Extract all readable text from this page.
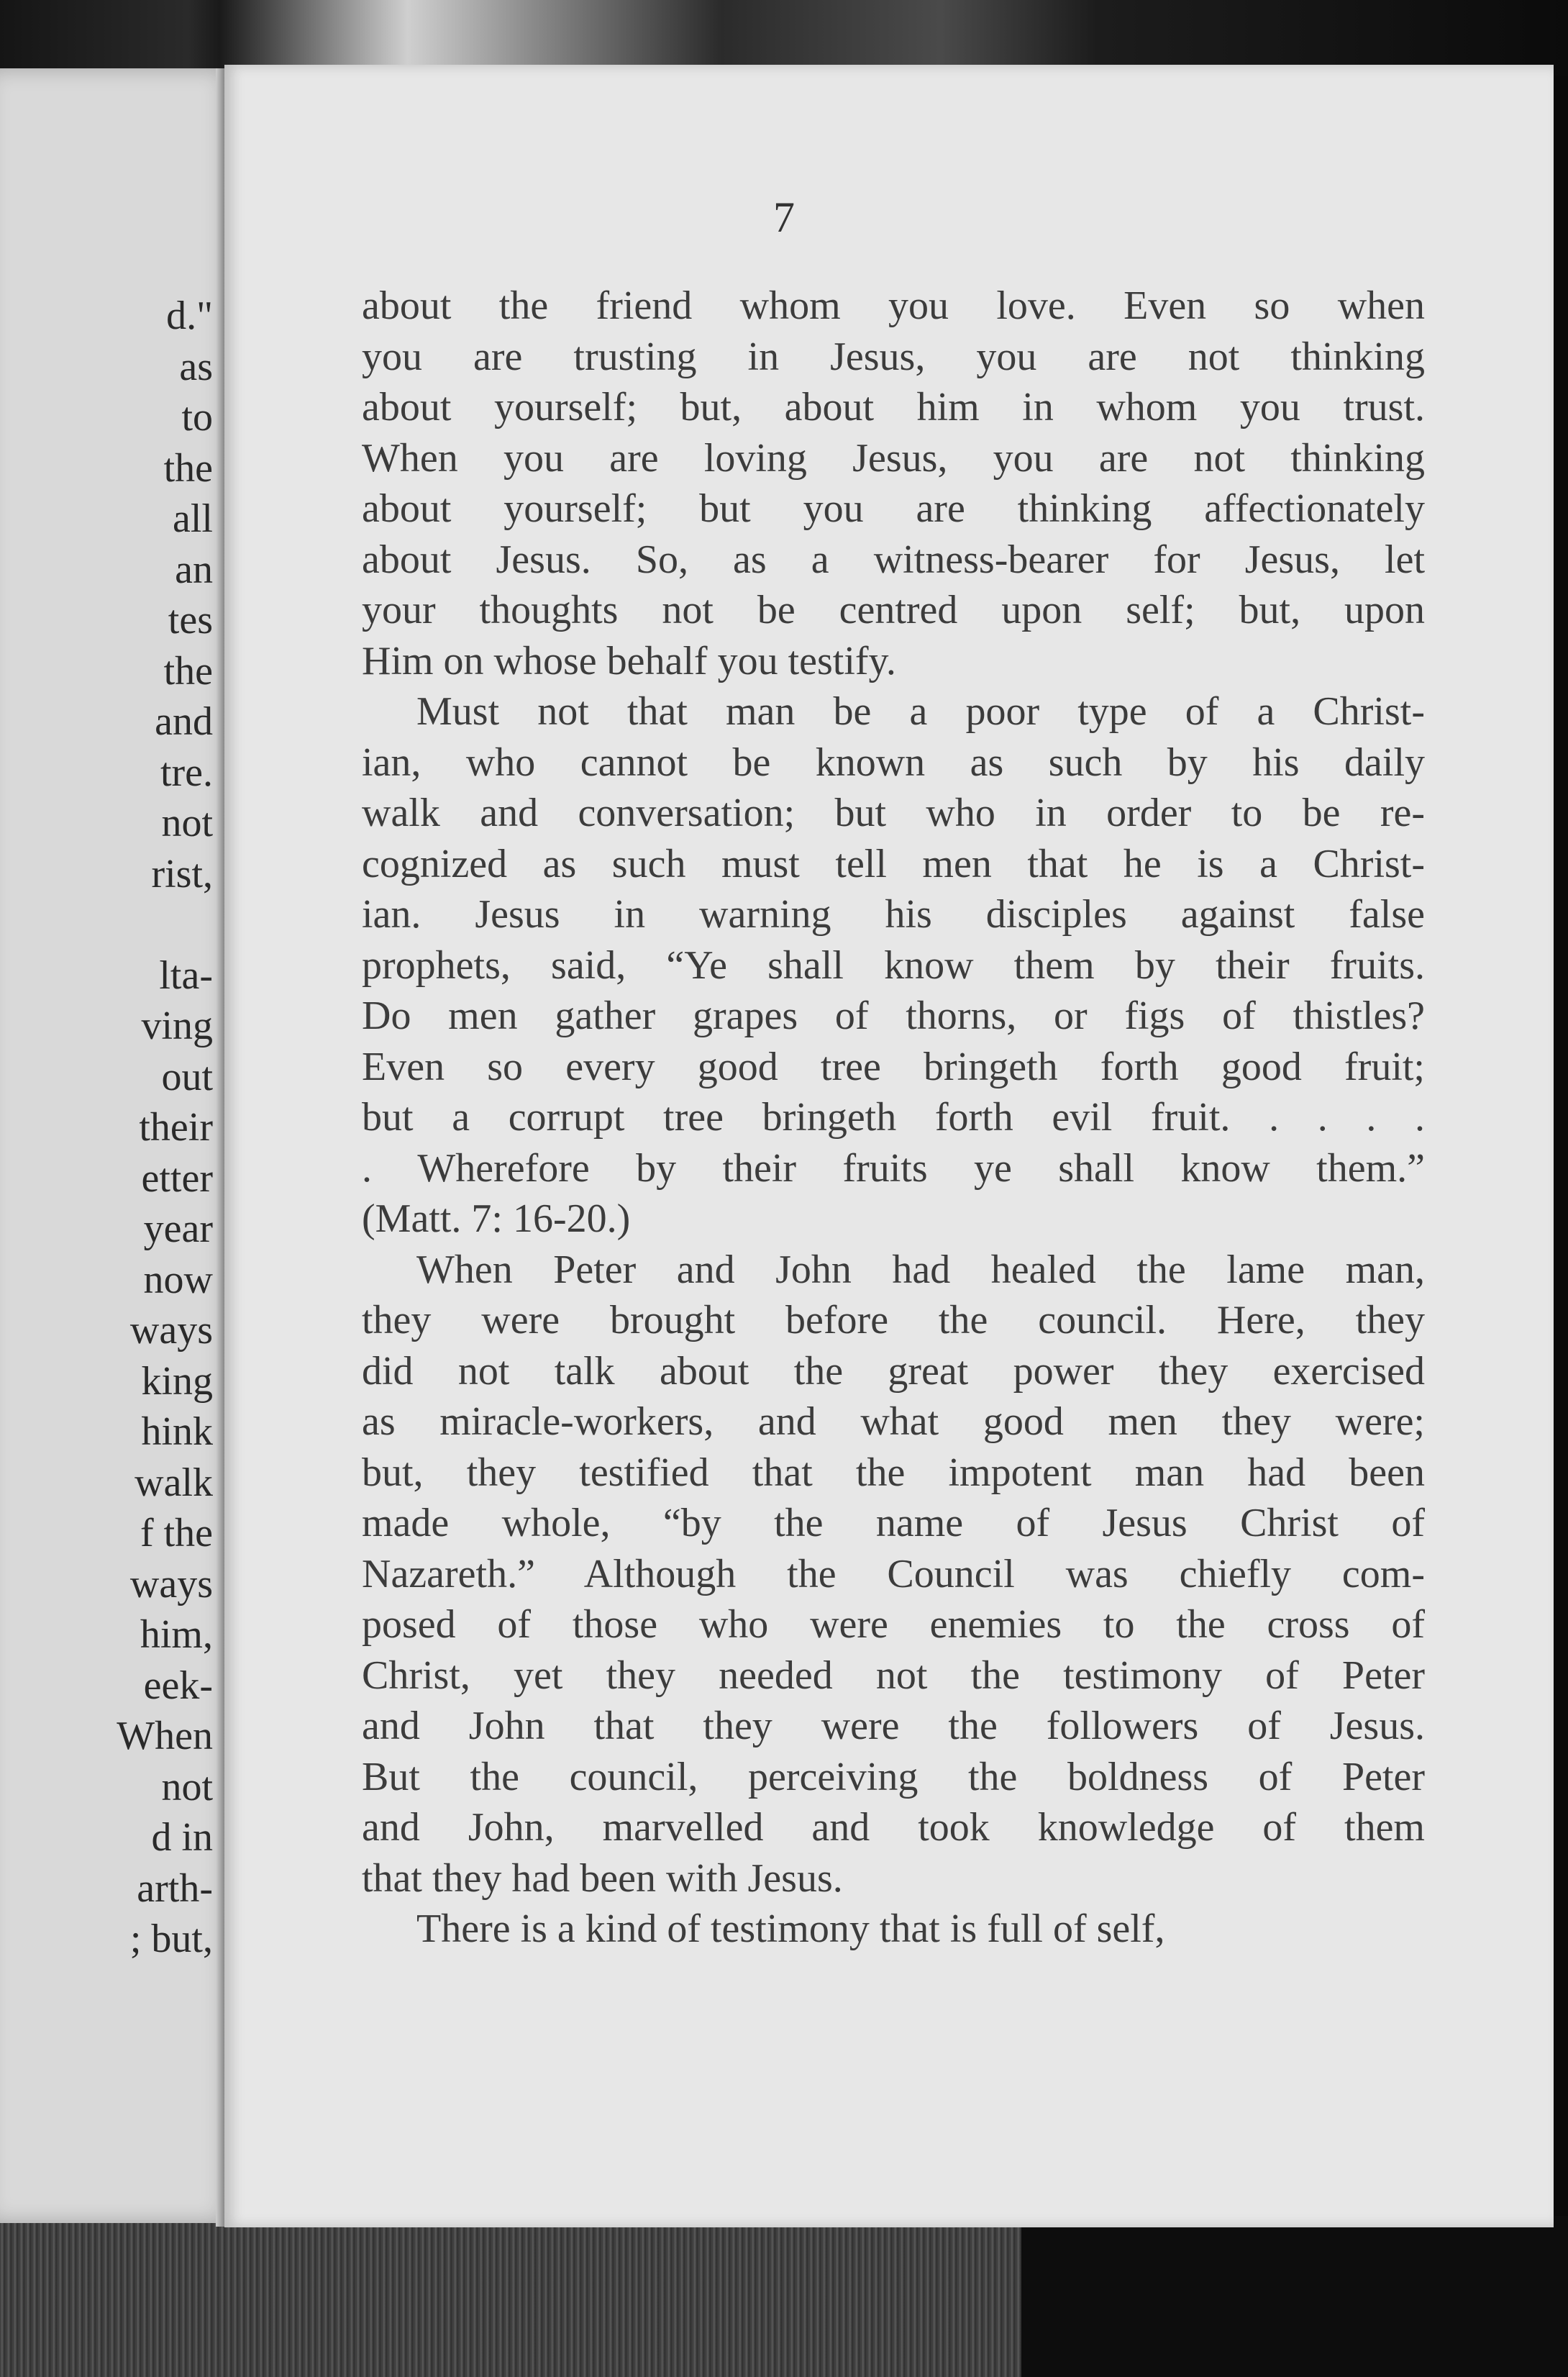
d."
as
to
the
all
an
tes
the
and
tre.
not
rist,
lta-
ving
out
their
etter
year
now
ways
king
hink
walk
f the
ways
him,
eek-
When
not
d in
arth-
; but,
7
about the friend whom you love. Even so when
you are trusting in Jesus, you are not thinking
about yourself; but, about him in whom you trust.
When you are loving Jesus, you are not thinking
about yourself; but you are thinking affectionately
about Jesus. So, as a witness-bearer for Jesus, let
your thoughts not be centred upon self; but, upon
Him on whose behalf you testify.
Must not that man be a poor type of a Christ-
ian, who cannot be known as such by his daily
walk and conversation; but who in order to be re-
cognized as such must tell men that he is a Christ-
ian. Jesus in warning his disciples against false
prophets, said, “Ye shall know them by their fruits.
Do men gather grapes of thorns, or figs of thistles?
Even so every good tree bringeth forth good fruit;
but a corrupt tree bringeth forth evil fruit. . . . .
. Wherefore by their fruits ye shall know them.”
(Matt. 7: 16-20.)
When Peter and John had healed the lame man,
they were brought before the council. Here, they
did not talk about the great power they exercised
as miracle-workers, and what good men they were;
but, they testified that the impotent man had been
made whole, “by the name of Jesus Christ of
Nazareth.” Although the Council was chiefly com-
posed of those who were enemies to the cross of
Christ, yet they needed not the testimony of Peter
and John that they were the followers of Jesus.
But the council, perceiving the boldness of Peter
and John, marvelled and took knowledge of them
that they had been with Jesus.
There is a kind of testimony that is full of self,
